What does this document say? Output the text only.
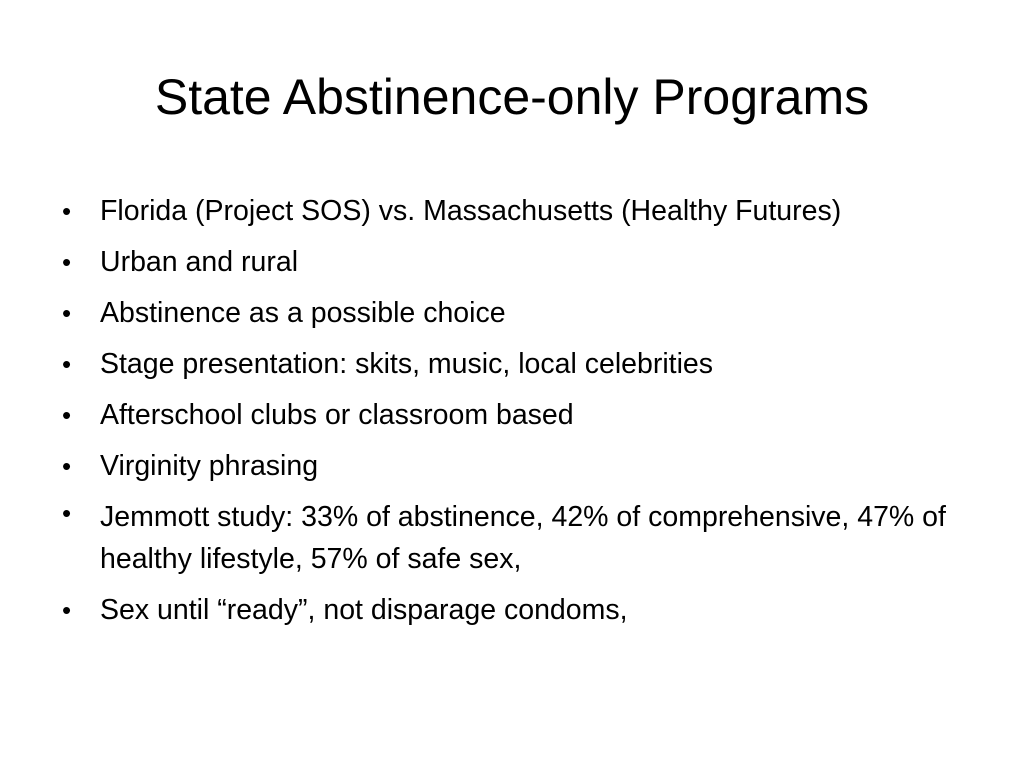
State Abstinence-only Programs
• Florida (Project SOS) vs. Massachusetts (Healthy Futures)
• Urban and rural
• Abstinence as a possible choice
• Stage presentation: skits, music, local celebrities
• Afterschool clubs or classroom based
• Virginity phrasing
• Jemmott study: 33% of abstinence, 42% of comprehensive, 47% of healthy lifestyle, 57% of safe sex,
• Sex until “ready”, not disparage condoms,
